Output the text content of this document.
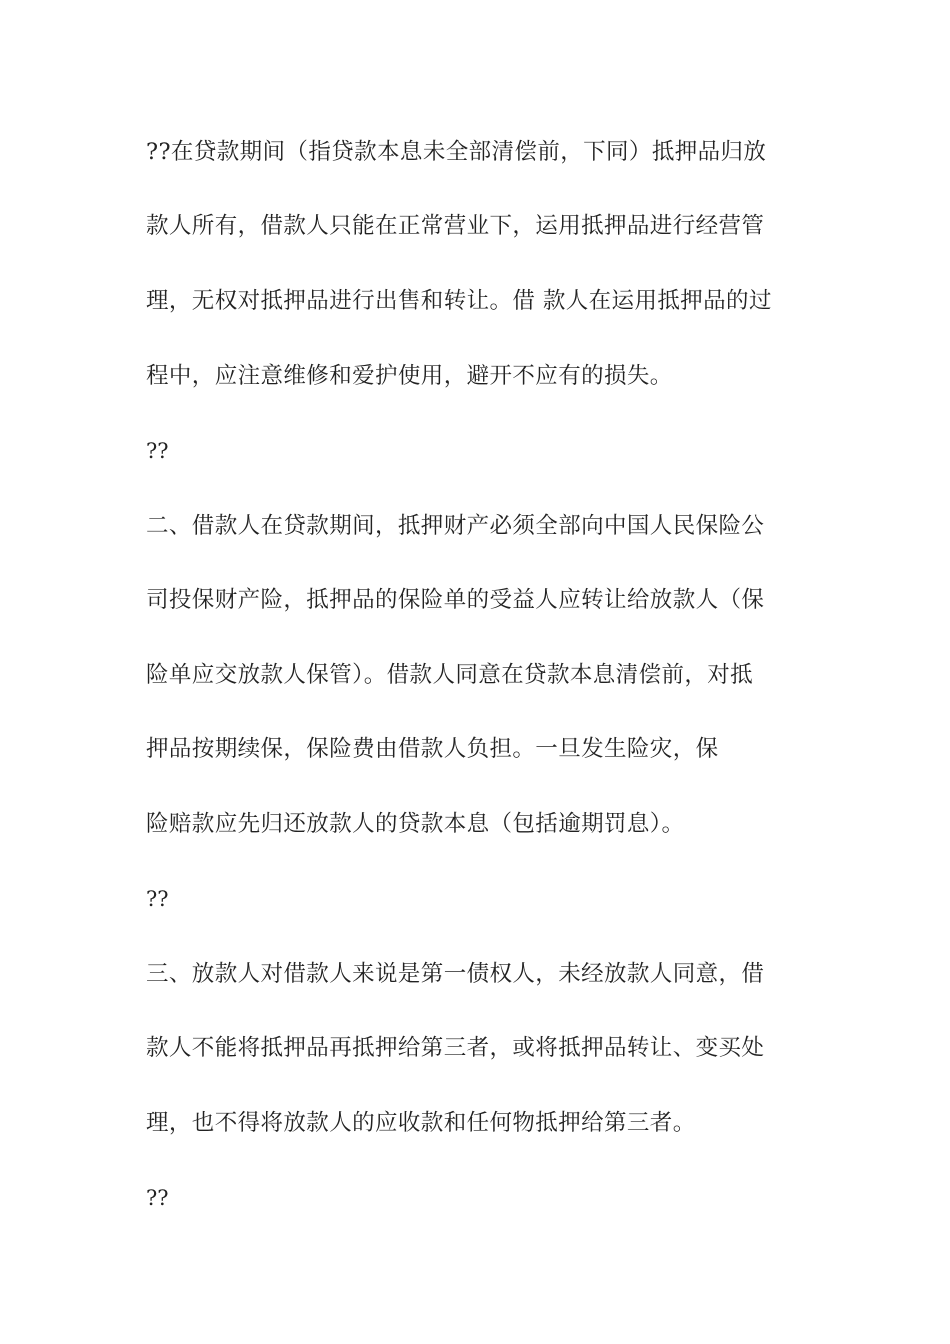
??在贷款期间（指贷款本息未全部清偿前，下同）抵押品归放
款人所有，借款人只能在正常营业下，运用抵押品进行经营管
理，无权对抵押品进行出售和转让。借 款人在运用抵押品的过
程中，应注意维修和爱护使用，避开不应有的损失。
??
二、借款人在贷款期间，抵押财产必须全部向中国人民保险公
司投保财产险，抵押品的保险单的受益人应转让给放款人（保
险单应交放款人保管）。借款人同意在贷款本息清偿前，对抵
押品按期续保，保险费由借款人负担。一旦发生险灾，保
险赔款应先归还放款人的贷款本息（包括逾期罚息）。
??
三、放款人对借款人来说是第一债权人，未经放款人同意，借
款人不能将抵押品再抵押给第三者，或将抵押品转让、变买处
理，也不得将放款人的应收款和任何物抵押给第三者。
??
